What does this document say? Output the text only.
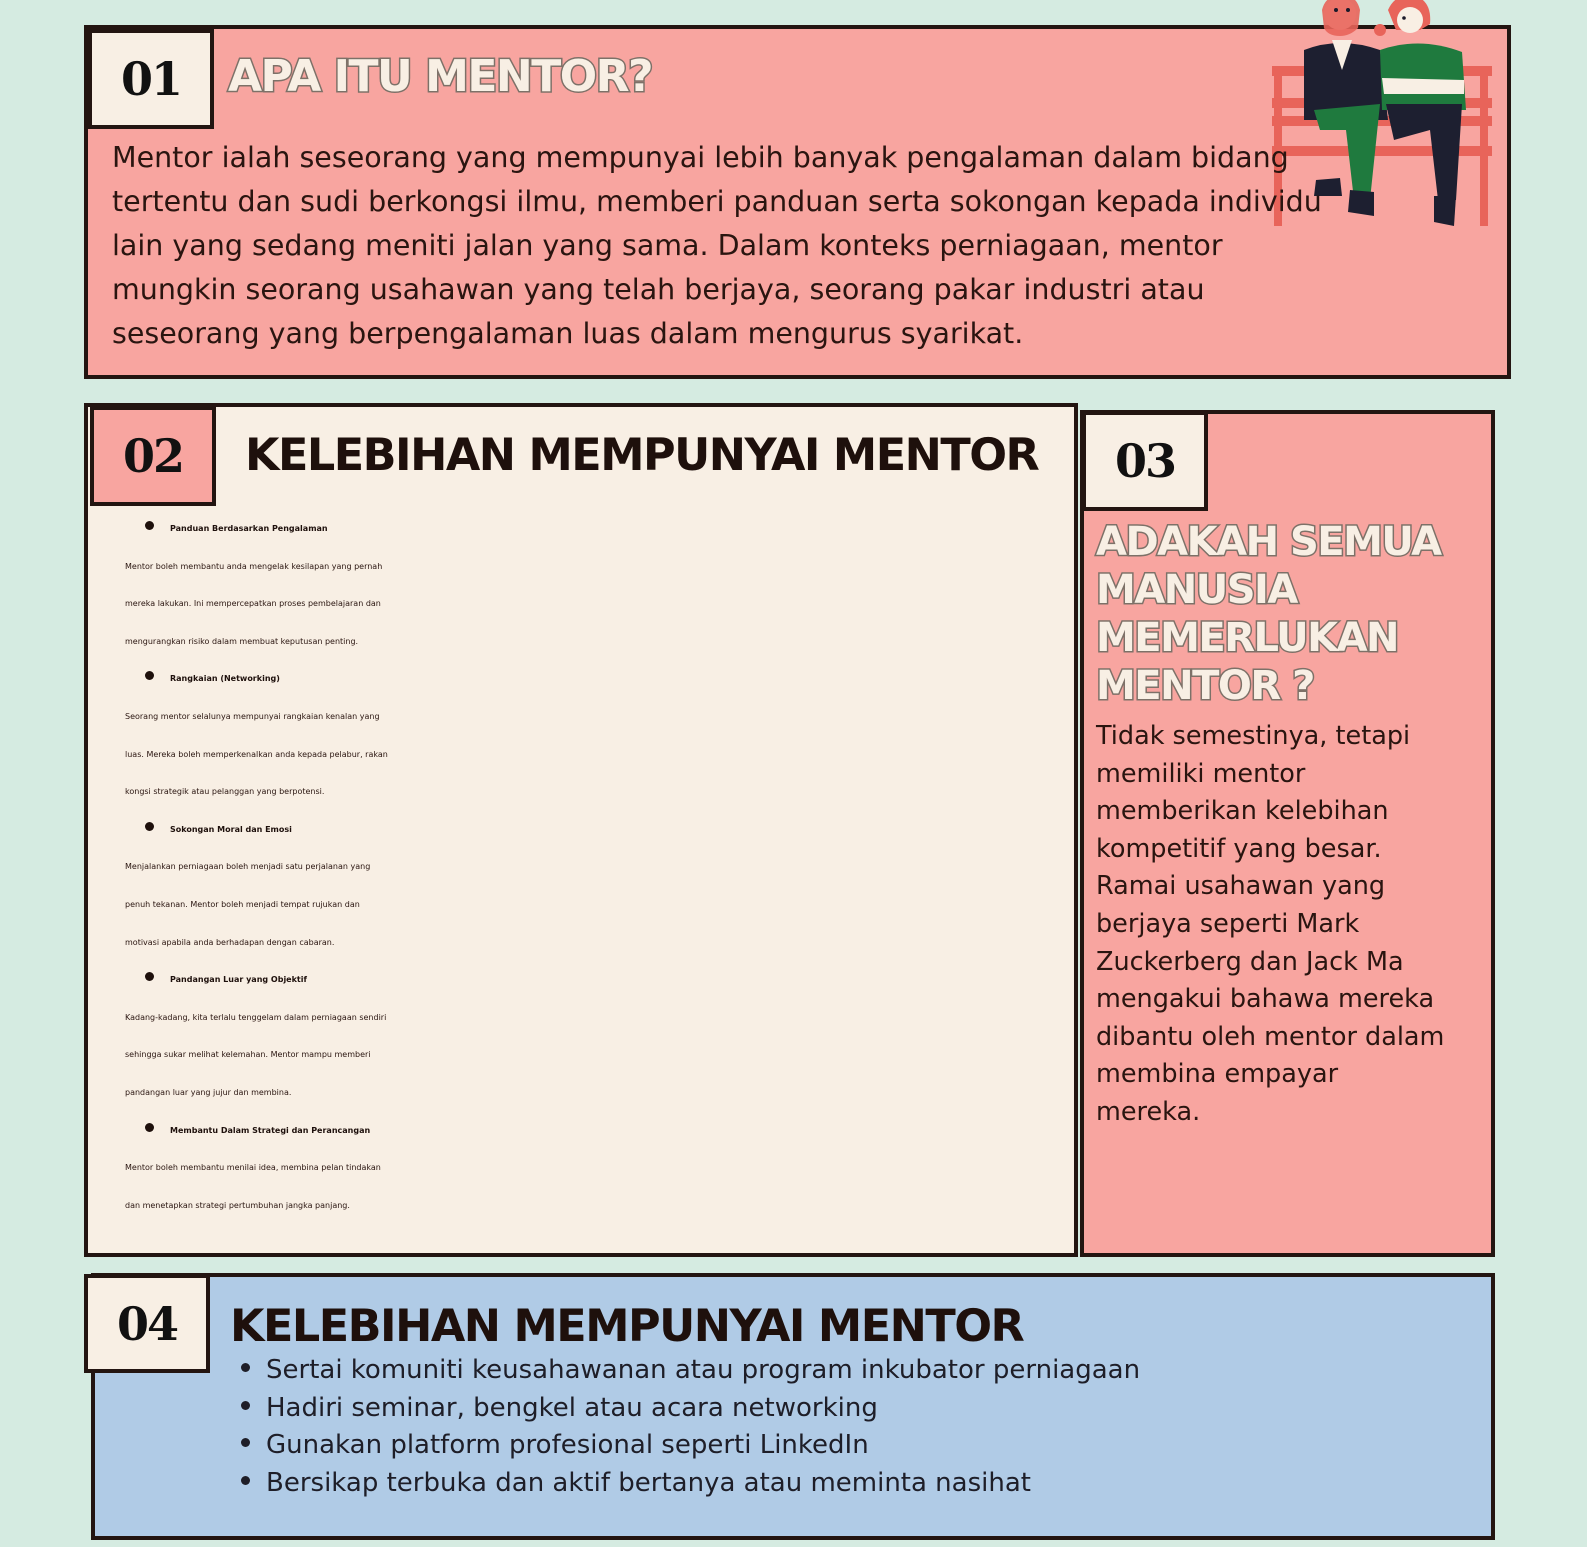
01	APA ITU MENTOR?
Mentor ialah seseorang yang mempunyai lebih banyak pengalaman dalam bidang
tertentu dan sudi berkongsi ilmu, memberi panduan serta sokongan kepada individu
lain yang sedang meniti jalan yang sama. Dalam konteks perniagaan, mentor
mungkin seorang usahawan yang telah berjaya, seorang pakar industri atau
seseorang yang berpengalaman luas dalam mengurus syarikat.
02	KELEBIHAN MEMPUNYAI MENTOR
Panduan Berdasarkan Pengalaman
Mentor boleh membantu anda mengelak kesilapan yang pernah
mereka lakukan. Ini mempercepatkan proses pembelajaran dan
mengurangkan risiko dalam membuat keputusan penting.
Rangkaian (Networking)
Seorang mentor selalunya mempunyai rangkaian kenalan yang
luas. Mereka boleh memperkenalkan anda kepada pelabur, rakan
kongsi strategik atau pelanggan yang berpotensi.
Sokongan Moral dan Emosi
Menjalankan perniagaan boleh menjadi satu perjalanan yang
penuh tekanan. Mentor boleh menjadi tempat rujukan dan
motivasi apabila anda berhadapan dengan cabaran.
Pandangan Luar yang Objektif
Kadang-kadang, kita terlalu tenggelam dalam perniagaan sendiri
sehingga sukar melihat kelemahan. Mentor mampu memberi
pandangan luar yang jujur dan membina.
Membantu Dalam Strategi dan Perancangan
Mentor boleh membantu menilai idea, membina pelan tindakan
dan menetapkan strategi pertumbuhan jangka panjang.
03
ADAKAH SEMUA
MANUSIA
MEMERLUKAN
MENTOR ?
Tidak semestinya, tetapi
memiliki mentor
memberikan kelebihan
kompetitif yang besar.
Ramai usahawan yang
berjaya seperti Mark
Zuckerberg dan Jack Ma
mengakui bahawa mereka
dibantu oleh mentor dalam
membina empayar
mereka.
04	KELEBIHAN MEMPUNYAI MENTOR
Sertai komuniti keusahawanan atau program inkubator perniagaan
Hadiri seminar, bengkel atau acara networking
Gunakan platform profesional seperti LinkedIn
Bersikap terbuka dan aktif bertanya atau meminta nasihat
